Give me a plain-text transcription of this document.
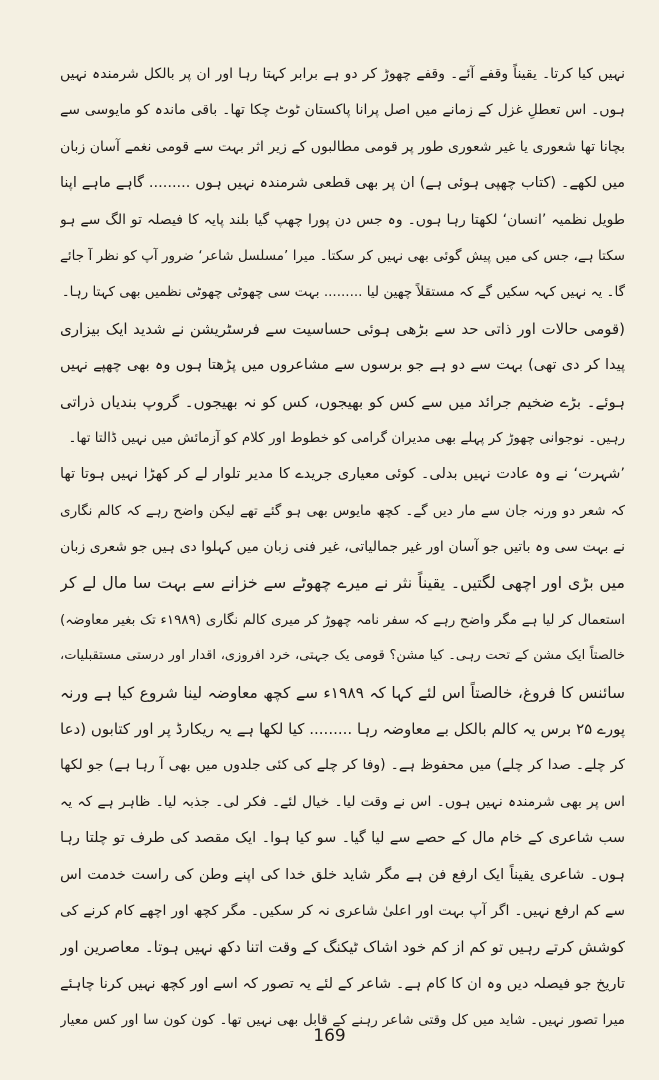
نہیں کیا کرتا۔ یقیناً وقفے آئے۔ وقفے چھوڑ کر دو ہے برابر کہتا رہا اور ان پر بالکل شرمندہ نہیں
ہوں۔ اس تعطلِ غزل کے زمانے میں اصل پرانا پاکستان ٹوٹ چکا تھا۔ باقی ماندہ کو مایوسی سے
بچانا تھا شعوری یا غیر شعوری طور پر قومی مطالبوں کے زیر اثر بہت سے قومی نغمے آسان زبان
میں لکھے۔ (کتاب چھپی ہوئی ہے) ان پر بھی قطعی شرمندہ نہیں ہوں ......... گاہے ماہے اپنا
طویل نظمیہ ’انسان‘ لکھتا رہا ہوں۔ وہ جس دن پورا چھپ گیا بلند پایہ کا فیصلہ تو الگ سے ہو
سکتا ہے، جس کی میں پیش گوئی بھی نہیں کر سکتا۔ میرا ’مسلسل شاعر‘ ضرور آپ کو نظر آ جائے
گا۔ یہ نہیں کہہ سکیں گے کہ مستقلاً چھین لیا ......... بہت سی چھوٹی چھوٹی نظمیں بھی کہتا رہا۔
(قومی حالات اور ذاتی حد سے بڑھی ہوئی حساسیت سے فرسٹریشن نے شدید ایک بیزاری
پیدا کر دی تھی) بہت سے دو ہے جو برسوں سے مشاعروں میں پڑھتا ہوں وہ بھی چھپے نہیں
ہوئے۔ بڑے ضخیم جرائد میں سے کس کو بھیجوں، کس کو نہ بھیجوں۔ گروپ بندیاں ذراتی
رہیں۔ نوجوانی چھوڑ کر پہلے بھی مدیران گرامی کو خطوط اور کلام کو آزمائش میں نہیں ڈالتا تھا۔
’شہرت‘ نے وہ عادت نہیں بدلی۔ کوئی معیاری جریدے کا مدیر تلوار لے کر کھڑا نہیں ہوتا تھا
کہ شعر دو ورنہ جان سے مار دیں گے۔ کچھ مایوس بھی ہو گئے تھے لیکن واضح رہے کہ کالم نگاری
نے بہت سی وہ باتیں جو آسان اور غیر جمالیاتی، غیر فنی زبان میں کہلوا دی ہیں جو شعری زبان
میں بڑی اور اچھی لگتیں۔ یقیناً نثر نے میرے چھوٹے سے خزانے سے بہت سا مال لے کر
استعمال کر لیا ہے مگر واضح رہے کہ سفر نامہ چھوڑ کر میری کالم نگاری (۱۹۸۹ء تک بغیر معاوضہ)
خالصتاً ایک مشن کے تحت رہی۔ کیا مشن؟ قومی یک جہتی، خرد افروزی، اقدار اور درستی مستقبلیات،
سائنس کا فروغ، خالصتاً اس لئے کہا کہ ۱۹۸۹ء سے کچھ معاوضہ لینا شروع کیا ہے ورنہ
پورے ۲۵ برس یہ کالم بالکل بے معاوضہ رہا ......... کیا لکھا ہے یہ ریکارڈ پر اور کتابوں (دعا
کر چلے۔ صدا کر چلے) میں محفوظ ہے۔ (وفا کر چلے کی کئی جلدوں میں بھی آ رہا ہے) جو لکھا
اس پر بھی شرمندہ نہیں ہوں۔ اس نے وقت لیا۔ خیال لئے۔ فکر لی۔ جذبہ لیا۔ ظاہر ہے کہ یہ
سب شاعری کے خام مال کے حصے سے لیا گیا۔ سو کیا ہوا۔ ایک مقصد کی طرف تو چلتا رہا
ہوں۔ شاعری یقیناً ایک ارفع فن ہے مگر شاید خلق خدا کی اپنے وطن کی راست خدمت اس
سے کم ارفع نہیں۔ اگر آپ بہت اور اعلیٰ شاعری نہ کر سکیں۔ مگر کچھ اور اچھے کام کرنے کی
کوشش کرتے رہیں تو کم از کم خود اشاک ٹیکنگ کے وقت اتنا دکھ نہیں ہوتا۔ معاصرین اور
تاریخ جو فیصلہ دیں وہ ان کا کام ہے۔ شاعر کے لئے یہ تصور کہ اسے اور کچھ نہیں کرنا چاہئے
میرا تصور نہیں۔ شاید میں کل وقتی شاعر رہنے کے قابل بھی نہیں تھا۔ کون کون سا اور کس معیار
169
